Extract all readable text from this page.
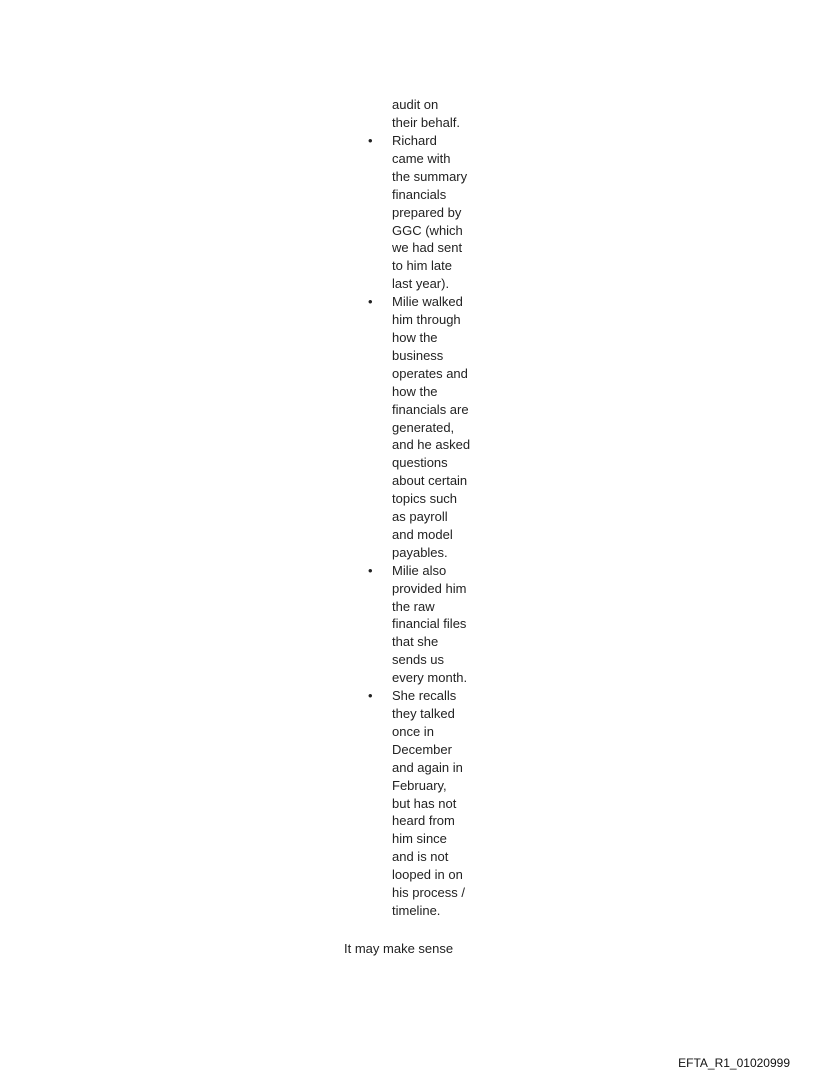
audit on
their behalf.
• Richard
came with
the summary
financials
prepared by
GGC (which
we had sent
to him late
last year).
• Milie walked
him through
how the
business
operates and
how the
financials are
generated,
and he asked
questions
about certain
topics such
as payroll
and model
payables.
• Milie also
provided him
the raw
financial files
that she
sends us
every month.
• She recalls
they talked
once in
December
and again in
February,
but has not
heard from
him since
and is not
looped in on
his process /
timeline.
It may make sense
EFTA_R1_01020999
